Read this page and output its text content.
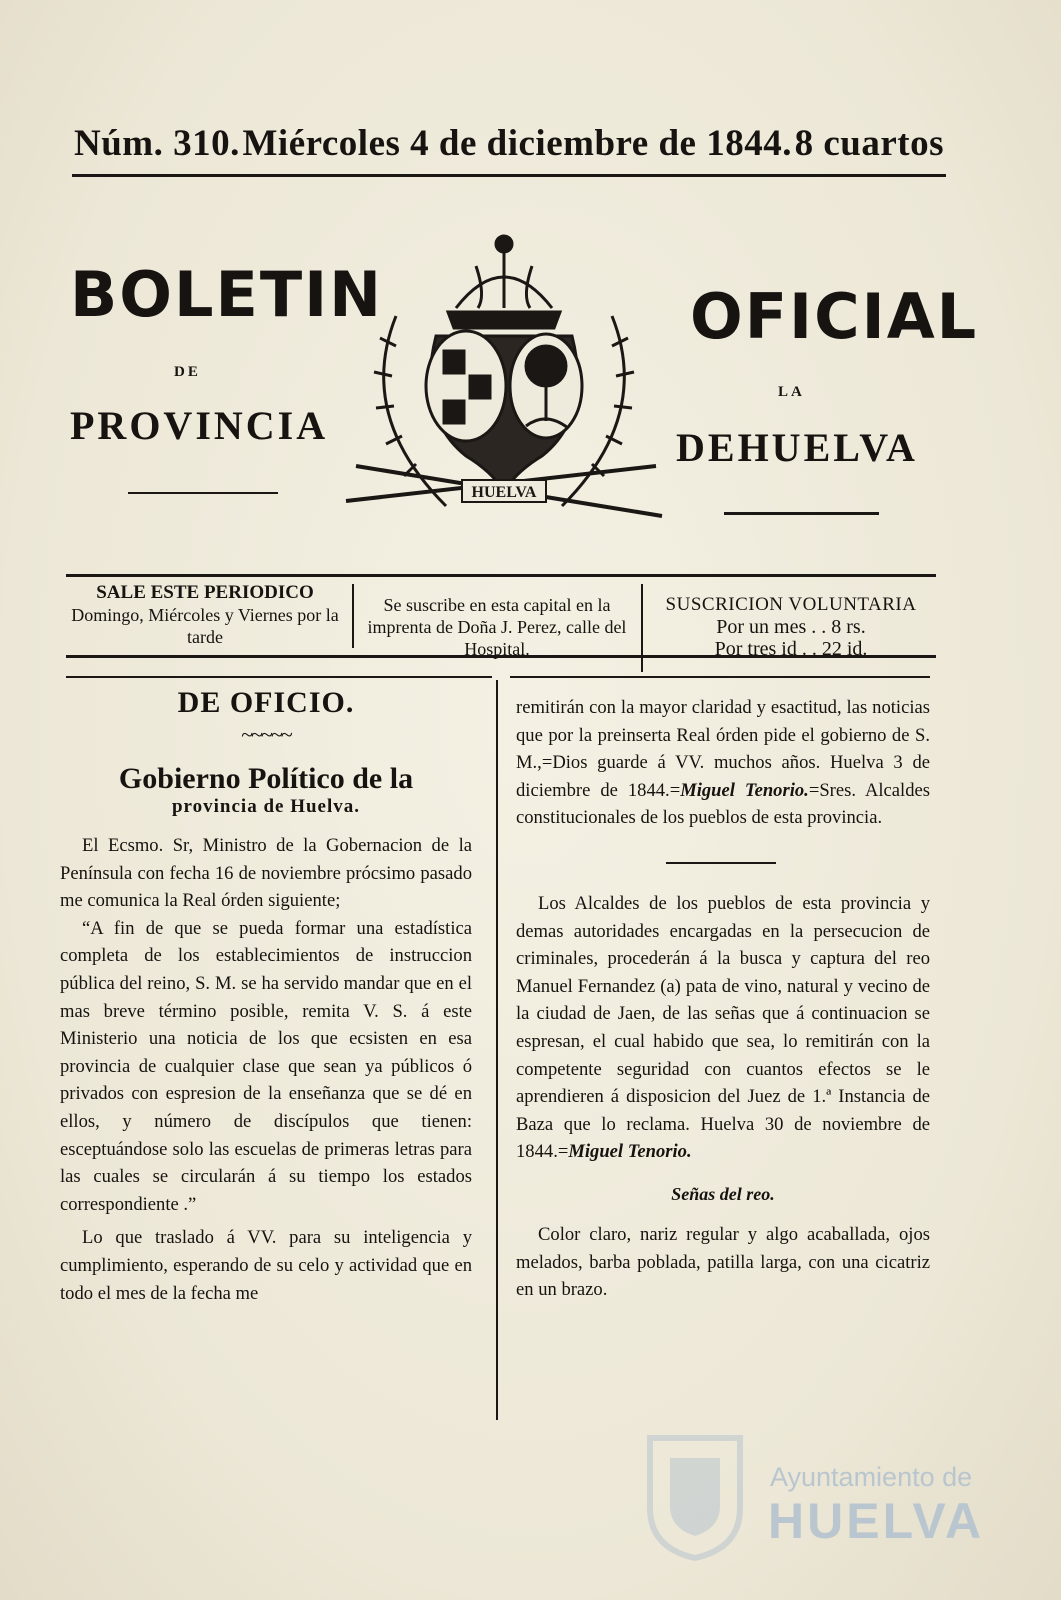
Núm. 310. Miércoles 4 de diciembre de 1844. 8 cuartos
BOLETIN
DE
PROVINCIA
OFICIAL
LA
DEHUELVA
HUELVA
SALE ESTE PERIODICO
Domingo, Miércoles y Viernes por la tarde
Se suscribe en esta capital en la imprenta de Doña J. Perez, calle del Hospital.
SUSCRICION VOLUNTARIA
Por un mes . . 8 rs.
Por tres id . . 22 id.
DE OFICIO.
~~~~~
Gobierno Político de la
provincia de Huelva.

El Ecsmo. Sr, Ministro de la Gobernacion de la Península con fecha 16 de noviembre prócsimo pasado me comunica la Real órden siguiente;

“A fin de que se pueda formar una estadística completa de los establecimientos de instruccion pública del reino, S. M. se ha servido mandar que en el mas breve término posible, remita V. S. á este Ministerio una noticia de los que ecsisten en esa provincia de cualquier clase que sean ya públicos ó privados con espresion de la enseñanza que se dé en ellos, y número de discípulos que tienen: esceptuándose solo las escuelas de primeras letras para las cuales se circularán á su tiempo los estados correspondiente .”

Lo que traslado á VV. para su inteligencia y cumplimiento, esperando de su celo y actividad que en todo el mes de la fecha me

remitirán con la mayor claridad y esactitud, las noticias que por la preinserta Real órden pide el gobierno de S. M.,=Dios guarde á VV. muchos años. Huelva 3 de diciembre de 1844.=Miguel Tenorio.=Sres. Alcaldes constitucionales de los pueblos de esta provincia.

Los Alcaldes de los pueblos de esta provincia y demas autoridades encargadas en la persecucion de criminales, procederán á la busca y captura del reo Manuel Fernandez (a) pata de vino, natural y vecino de la ciudad de Jaen, de las señas que á continuacion se espresan, el cual habido que sea, lo remitirán con la competente seguridad con cuantos efectos se le aprendieren á disposicion del Juez de 1.ª Instancia de Baza que lo reclama. Huelva 30 de noviembre de 1844.=Miguel Tenorio.

Señas del reo.

Color claro, nariz regular y algo acaballada, ojos melados, barba poblada, patilla larga, con una cicatriz en un brazo.

Ayuntamiento de
HUELVA
